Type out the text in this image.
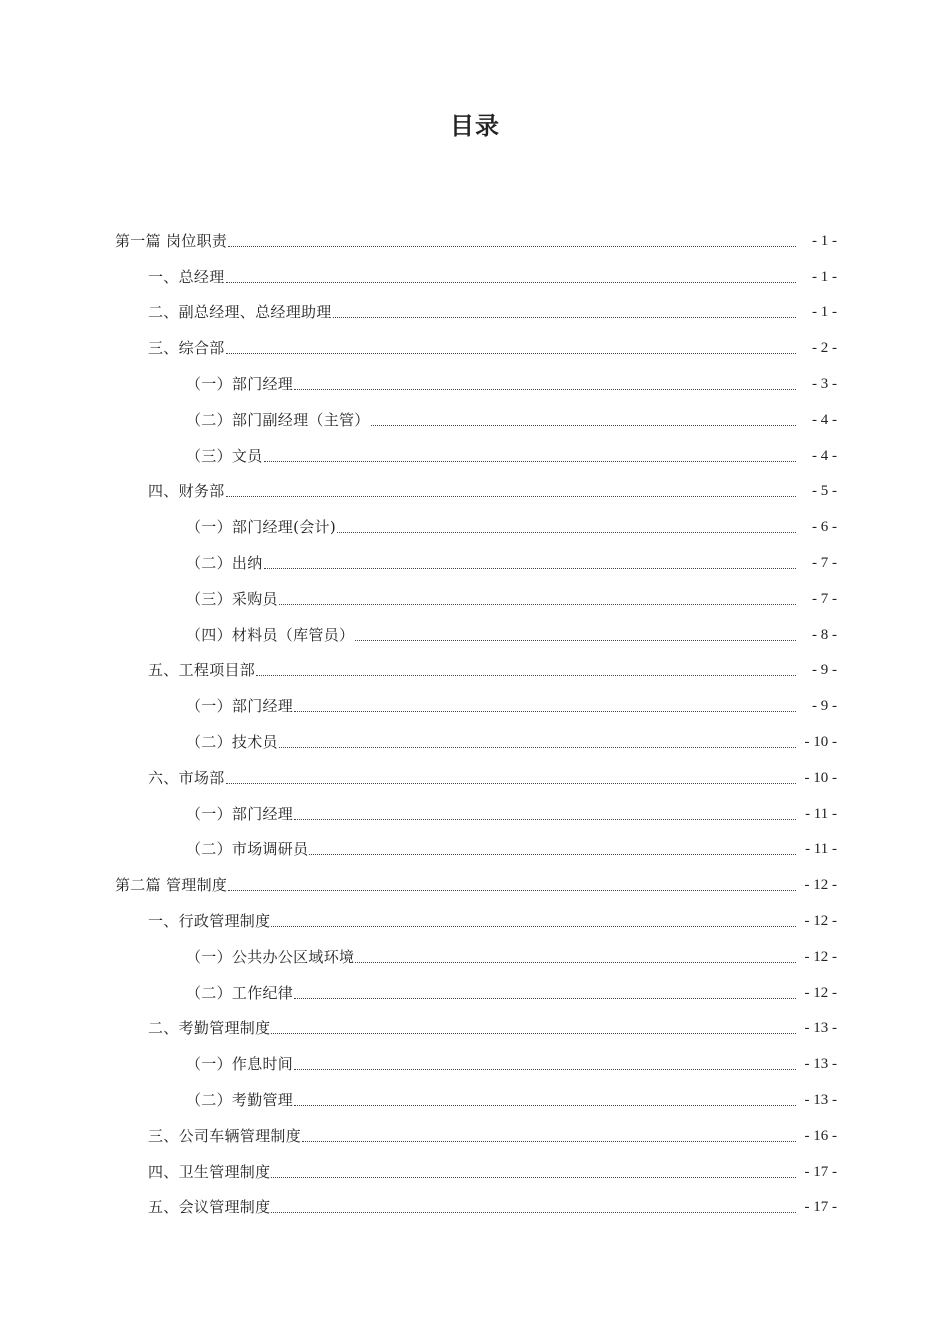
目录
第一篇 岗位职责	- 1 -
一、总经理	- 1 -
二、副总经理、总经理助理	- 1 -
三、综合部	- 2 -
（一）部门经理	- 3 -
（二）部门副经理（主管）	- 4 -
（三）文员	- 4 -
四、财务部	- 5 -
（一）部门经理(会计)	- 6 -
（二）出纳	- 7 -
（三）采购员	- 7 -
（四）材料员（库管员）	- 8 -
五、工程项目部	- 9 -
（一）部门经理	- 9 -
（二）技术员	- 10 -
六、市场部	- 10 -
（一）部门经理	- 11 -
（二）市场调研员	- 11 -
第二篇 管理制度	- 12 -
一、行政管理制度	- 12 -
（一）公共办公区域环境	- 12 -
（二）工作纪律	- 12 -
二、考勤管理制度	- 13 -
（一）作息时间	- 13 -
（二）考勤管理	- 13 -
三、公司车辆管理制度	- 16 -
四、卫生管理制度	- 17 -
五、会议管理制度	- 17 -
